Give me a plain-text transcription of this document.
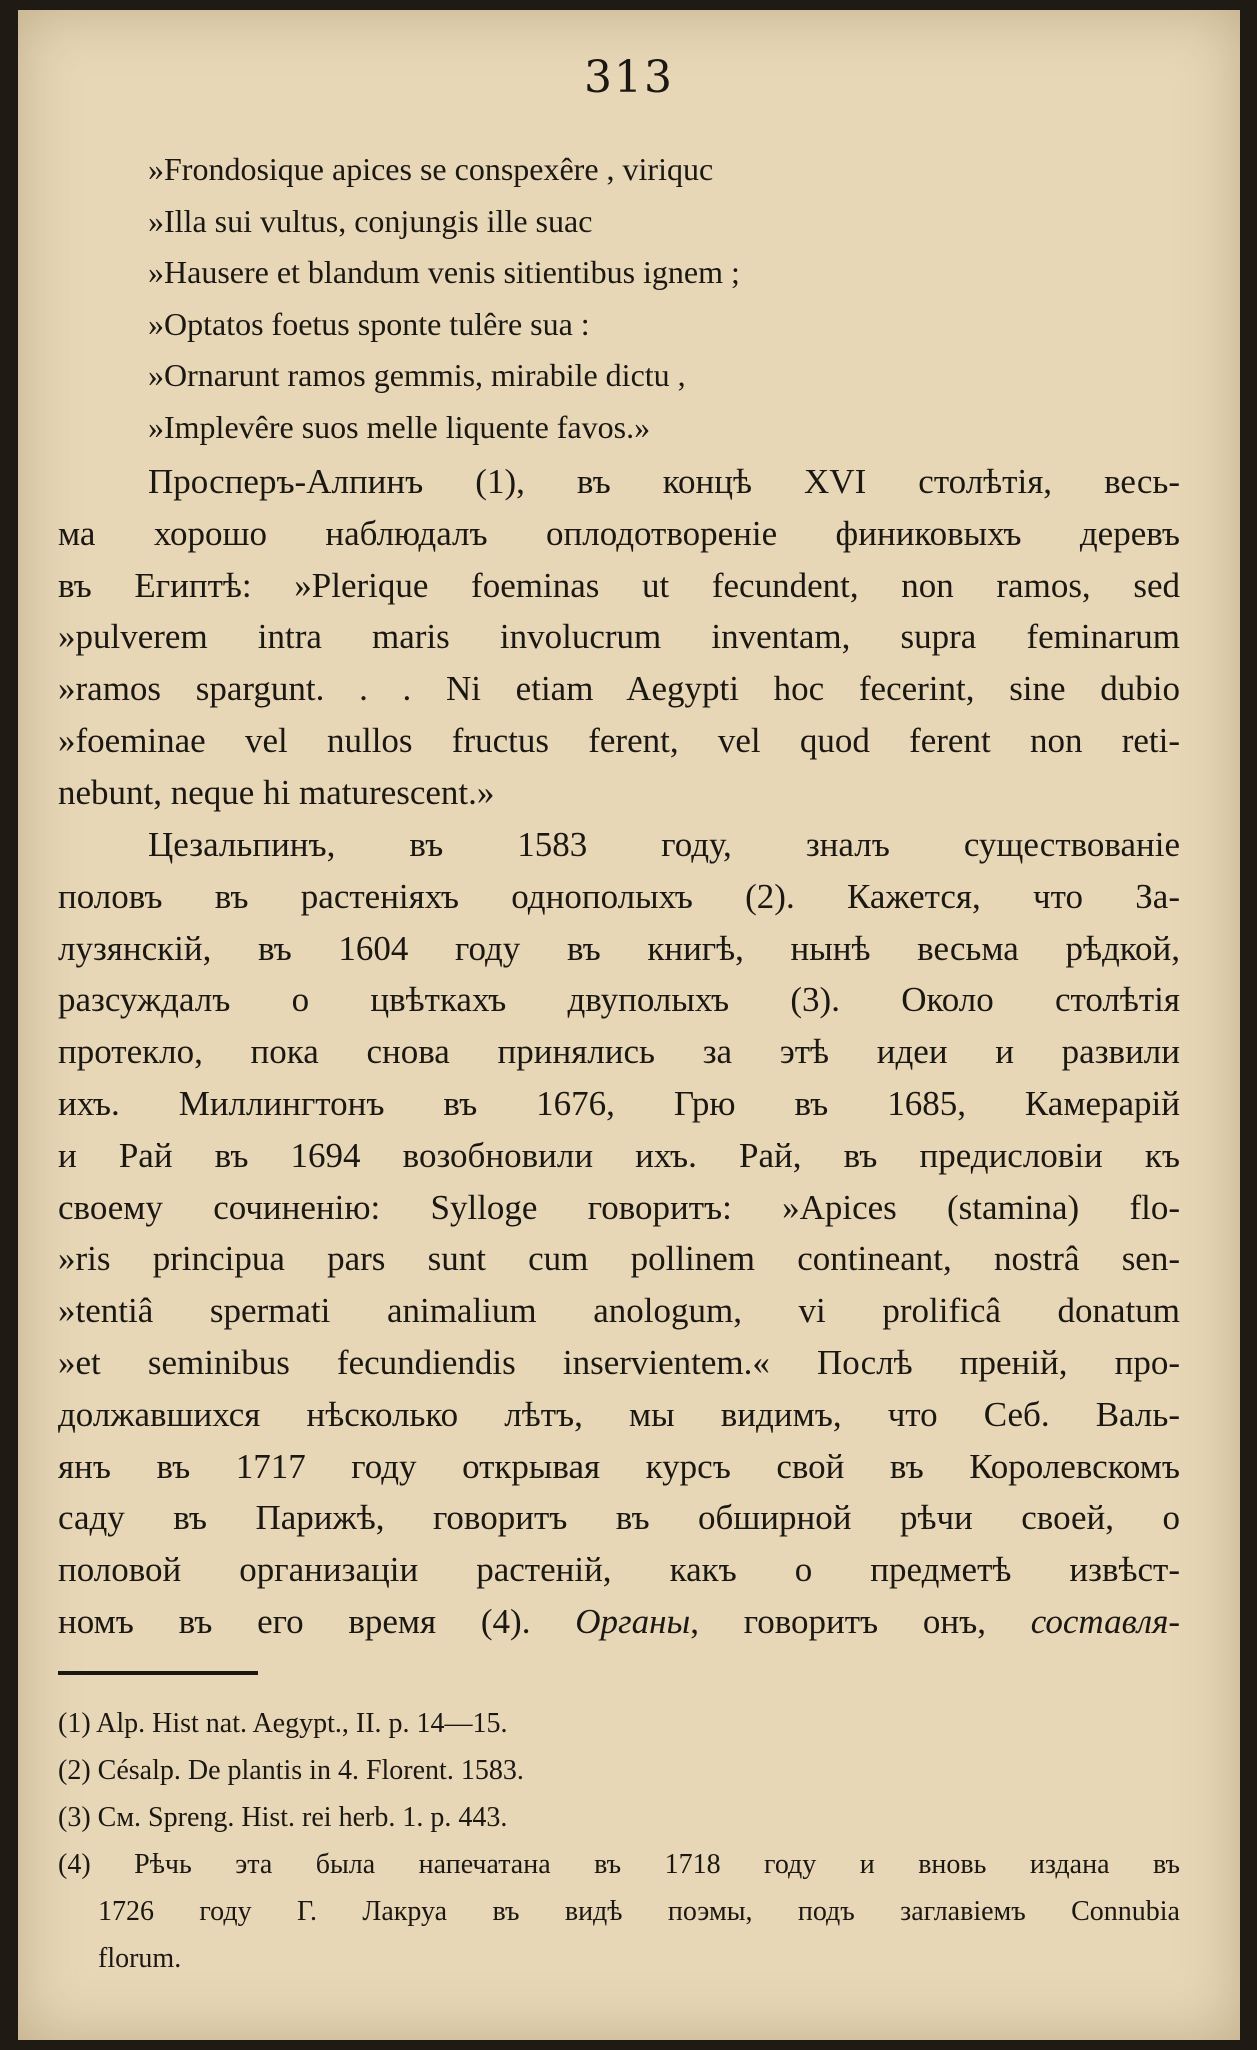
313
»Frondosique apices se conspexêre , viriquc
»Illa sui vultus, conjungis ille suac
»Hausere et blandum venis sitientibus ignem ;
»Optatos foetus sponte tulêre sua :
»Ornarunt ramos gemmis, mirabile dictu ,
»Implevêre suos melle liquente favos.»
Просперъ-Алпинъ (1), въ концѣ XVI столѣтія, весь-
ма хорошо наблюдалъ оплодотвореніе финиковыхъ деревъ
въ Египтѣ: »Plerique foeminas ut fecundent, non ramos, sed
»pulverem intra maris involucrum inventam, supra feminarum
»ramos spargunt. . . Ni etiam Aegypti hoc fecerint, sine dubio
»foeminae vel nullos fructus ferent, vel quod ferent non reti-
nebunt, neque hi maturescent.»
Цезальпинъ, въ 1583 году, зналъ существованіе
половъ въ растеніяхъ однополыхъ (2). Кажется, что За-
лузянскій, въ 1604 году въ книгѣ, нынѣ весьма рѣдкой,
разсуждалъ о цвѣткахъ двуполыхъ (3). Около столѣтія
протекло, пока снова принялись за этѣ идеи и развили
ихъ. Миллингтонъ въ 1676, Грю въ 1685, Камерарій
и Рай въ 1694 возобновили ихъ. Рай, въ предисловіи къ
своему сочиненію: Sylloge говоритъ: »Apices (stamina) flo-
»ris principua pars sunt cum pollinem contineant, nostrâ sen-
»tentiâ spermati animalium anologum, vi prolificâ donatum
»et seminibus fecundiendis inservientem.« Послѣ преній, про-
должавшихся нѣсколько лѣтъ, мы видимъ, что Себ. Валь-
янъ въ 1717 году открывая курсъ свой въ Королевскомъ
саду въ Парижѣ, говоритъ въ обширной рѣчи своей, о
половой организаціи растеній, какъ о предметѣ извѣст-
номъ въ его время (4). Органы, говоритъ онъ, составля-
(1) Alp. Hist nat. Aegypt., II. p. 14—15.
(2) Césalp. De plantis in 4. Florent. 1583.
(3) См. Spreng. Hist. rei herb. 1. p. 443.
(4) Рѣчь эта была напечатана въ 1718 году и вновь издана въ
1726 году Г. Лакруа въ видѣ поэмы, подъ заглавіемъ Connubia
florum.
